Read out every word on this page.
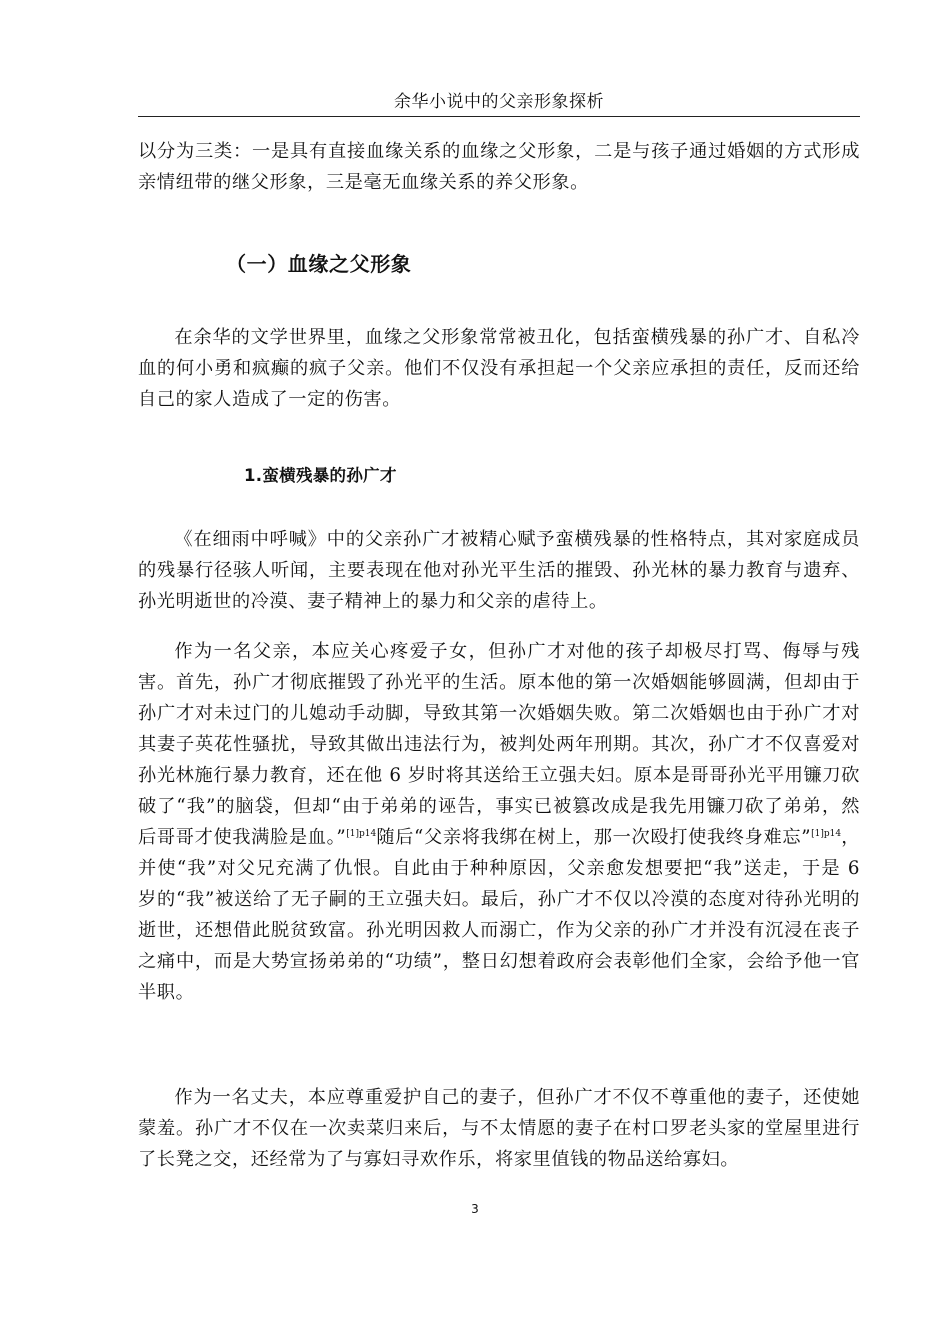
余华小说中的父亲形象探析

以分为三类：一是具有直接血缘关系的血缘之父形象，二是与孩子通过婚姻的方式形成亲情纽带的继父形象，三是毫无血缘关系的养父形象。

（一）血缘之父形象

在余华的文学世界里，血缘之父形象常常被丑化，包括蛮横残暴的孙广才、自私冷血的何小勇和疯癫的疯子父亲。他们不仅没有承担起一个父亲应承担的责任，反而还给自己的家人造成了一定的伤害。

1.蛮横残暴的孙广才

《在细雨中呼喊》中的父亲孙广才被精心赋予蛮横残暴的性格特点，其对家庭成员的残暴行径骇人听闻，主要表现在他对孙光平生活的摧毁、孙光林的暴力教育与遗弃、孙光明逝世的冷漠、妻子精神上的暴力和父亲的虐待上。

作为一名父亲，本应关心疼爱子女，但孙广才对他的孩子却极尽打骂、侮辱与残害。首先，孙广才彻底摧毁了孙光平的生活。原本他的第一次婚姻能够圆满，但却由于孙广才对未过门的儿媳动手动脚，导致其第一次婚姻失败。第二次婚姻也由于孙广才对其妻子英花性骚扰，导致其做出违法行为，被判处两年刑期。其次，孙广才不仅喜爱对孙光林施行暴力教育，还在他 6 岁时将其送给王立强夫妇。原本是哥哥孙光平用镰刀砍破了“我”的脑袋，但却“由于弟弟的诬告，事实已被篡改成是我先用镰刀砍了弟弟，然后哥哥才使我满脸是血。”$^{[1]p14}$随后“父亲将我绑在树上，那一次殴打使我终身难忘”$^{[1]p14}$，并使“我”对父兄充满了仇恨。自此由于种种原因，父亲愈发想要把“我”送走，于是 6 岁的“我”被送给了无子嗣的王立强夫妇。最后，孙广才不仅以冷漠的态度对待孙光明的逝世，还想借此脱贫致富。孙光明因救人而溺亡，作为父亲的孙广才并没有沉浸在丧子之痛中，而是大势宣扬弟弟的“功绩”，整日幻想着政府会表彰他们全家，会给予他一官半职。

作为一名丈夫，本应尊重爱护自己的妻子，但孙广才不仅不尊重他的妻子，还使她蒙羞。孙广才不仅在一次卖菜归来后，与不太情愿的妻子在村口罗老头家的堂屋里进行了长凳之交，还经常为了与寡妇寻欢作乐，将家里值钱的物品送给寡妇。

3
